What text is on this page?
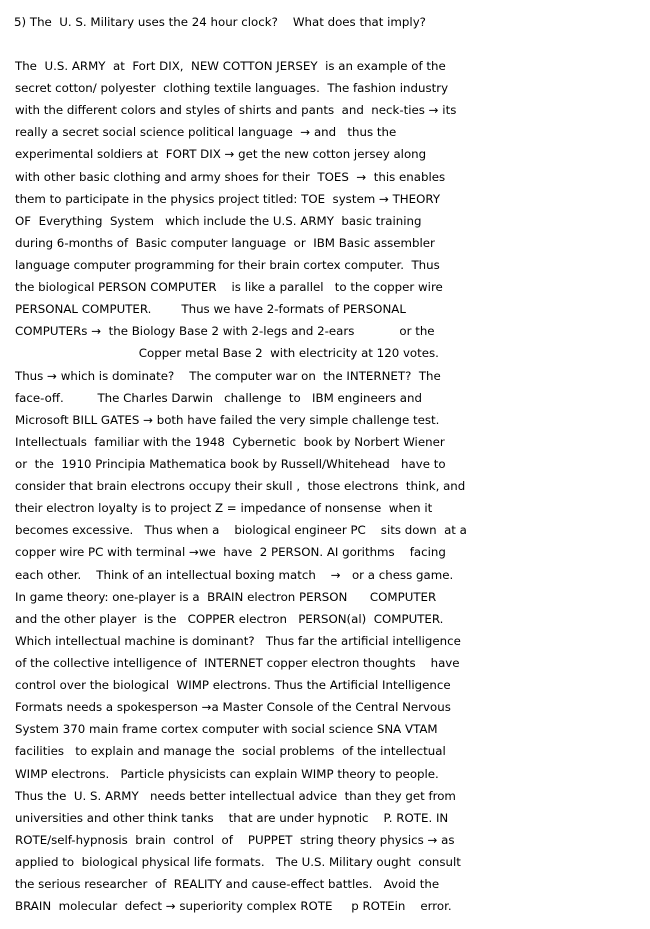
5) The  U. S. Military uses the 24 hour clock?    What does that imply?
The  U.S. ARMY  at  Fort DIX,  NEW COTTON JERSEY  is an example of the
secret cotton/ polyester  clothing textile languages.  The fashion industry
with the different colors and styles of shirts and pants  and  neck-ties → its
really a secret social science political language  → and   thus the
experimental soldiers at  FORT DIX → get the new cotton jersey along
with other basic clothing and army shoes for their  TOES  →  this enables
them to participate in the physics project titled: TOE  system → THEORY
OF  Everything  System   which include the U.S. ARMY  basic training
during 6-months of  Basic computer language  or  IBM Basic assembler
language computer programming for their brain cortex computer.  Thus
the biological PERSON COMPUTER    is like a parallel   to the copper wire
PERSONAL COMPUTER.        Thus we have 2-formats of PERSONAL
COMPUTERs →  the Biology Base 2 with 2-legs and 2-ears            or the
Copper metal Base 2  with electricity at 120 votes.
Thus → which is dominate?    The computer war on  the INTERNET?  The
face-off.         The Charles Darwin   challenge  to   IBM engineers and
Microsoft BILL GATES → both have failed the very simple challenge test.
Intellectuals  familiar with the 1948  Cybernetic  book by Norbert Wiener
or  the  1910 Principia Mathematica book by Russell/Whitehead   have to
consider that brain electrons occupy their skull ,  those electrons  think, and
their electron loyalty is to project Z = impedance of nonsense  when it
becomes excessive.   Thus when a    biological engineer PC    sits down  at a
copper wire PC with terminal →we  have  2 PERSON. AI gorithms    facing
each other.    Think of an intellectual boxing match    →   or a chess game.
In game theory: one-player is a  BRAIN electron PERSON      COMPUTER
and the other player  is the   COPPER electron   PERSON(al)  COMPUTER.
Which intellectual machine is dominant?   Thus far the artificial intelligence
of the collective intelligence of  INTERNET copper electron thoughts    have
control over the biological  WIMP electrons. Thus the Artificial Intelligence
Formats needs a spokesperson →a Master Console of the Central Nervous
System 370 main frame cortex computer with social science SNA VTAM
facilities   to explain and manage the  social problems  of the intellectual
WIMP electrons.   Particle physicists can explain WIMP theory to people.
Thus the  U. S. ARMY   needs better intellectual advice  than they get from
universities and other think tanks    that are under hypnotic    P. ROTE. IN
ROTE/self-hypnosis  brain  control  of    PUPPET  string theory physics → as
applied to  biological physical life formats.   The U.S. Military ought  consult
the serious researcher  of  REALITY and cause-effect battles.   Avoid the
BRAIN  molecular  defect → superiority complex ROTE     p ROTEin    error.
